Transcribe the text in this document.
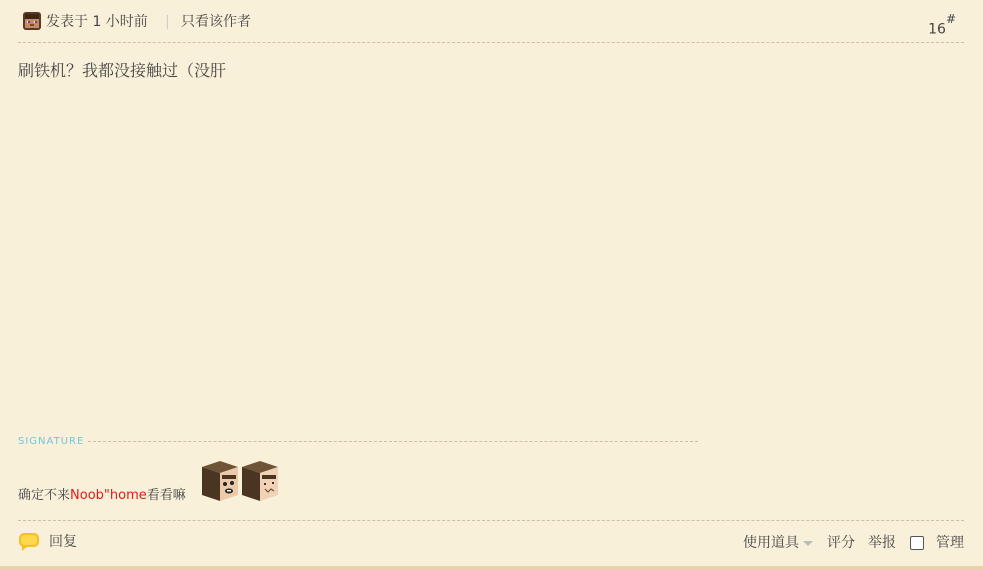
发表于 1 小时前 | 只看该作者	16#
刷铁机？我都没接触过（没肝
SIGNATURE
确定不来Noob"home看看嘛
回复	使用道具 评分 举报	管理
